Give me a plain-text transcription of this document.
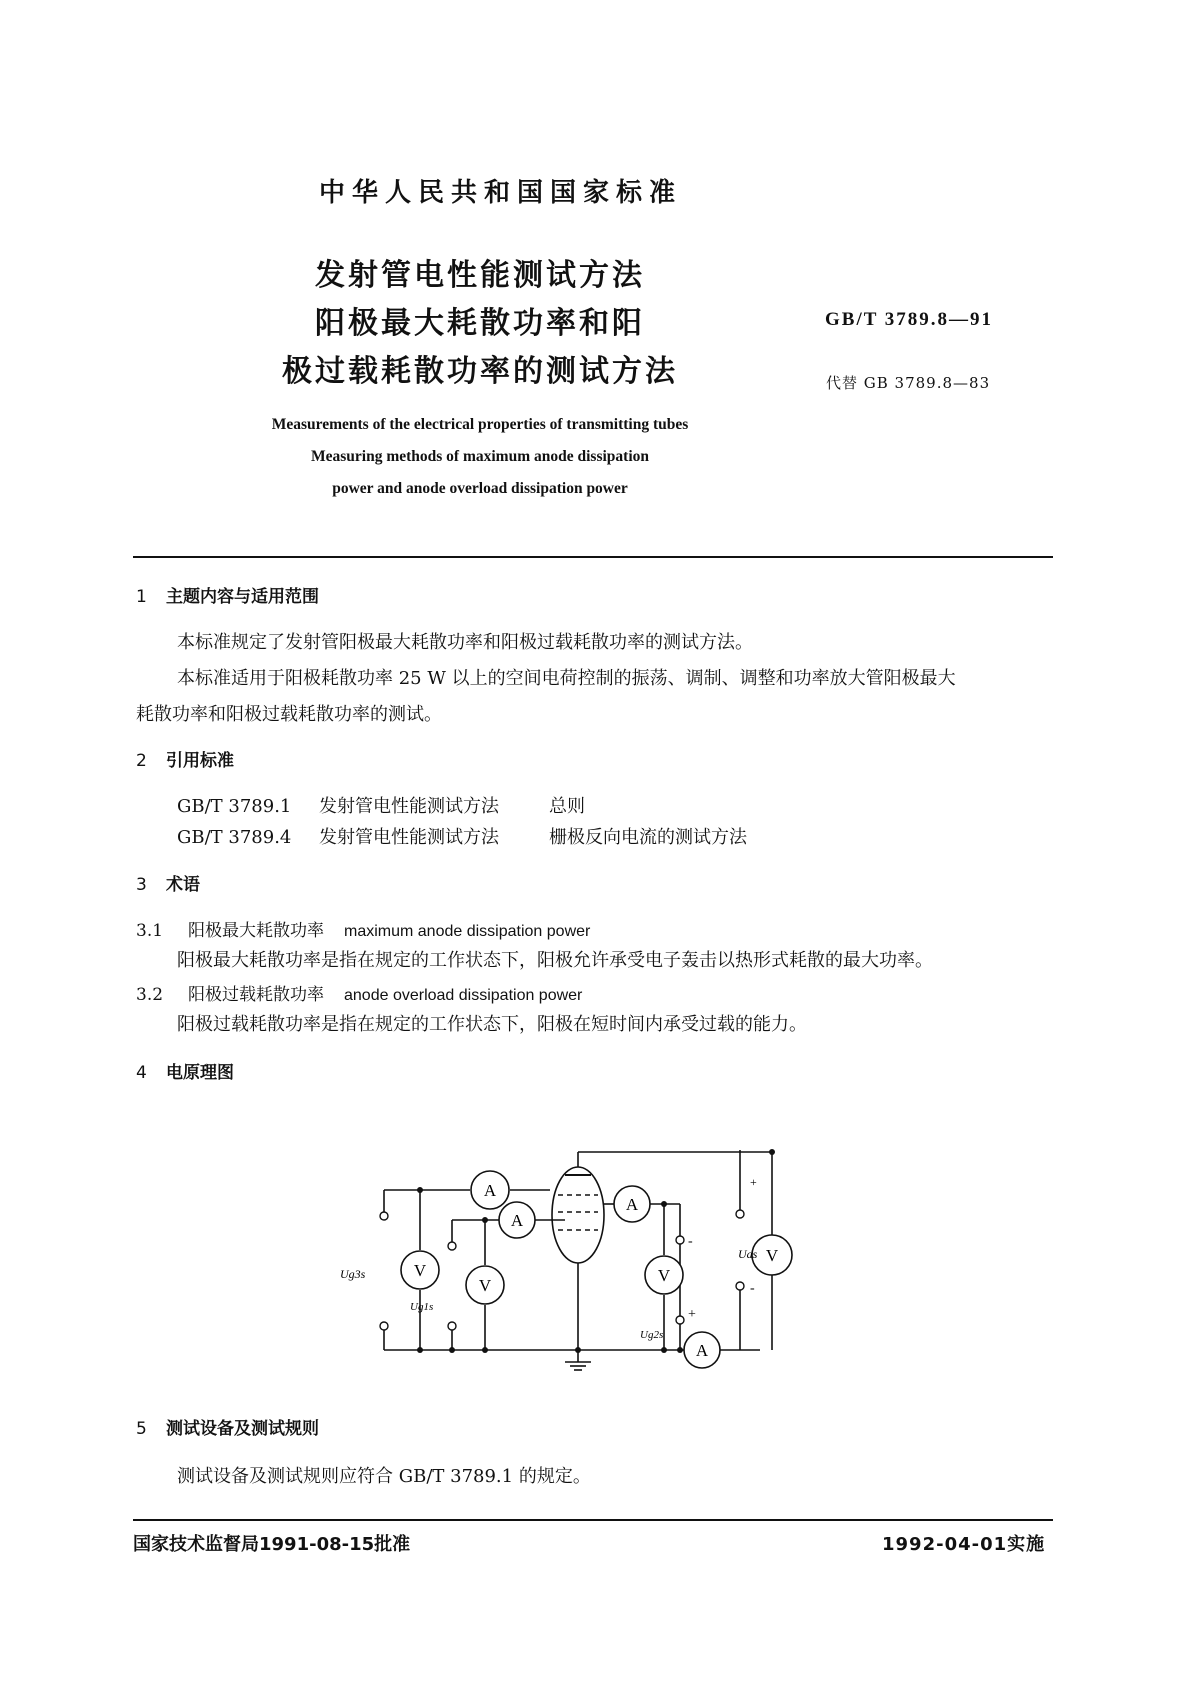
中华人民共和国国家标准
发射管电性能测试方法
阳极最大耗散功率和阳
极过载耗散功率的测试方法
GB/T 3789.8—91
代替 GB 3789.8—83
Measurements of the electrical properties of transmitting tubes
Measuring methods of maximum anode dissipation
power and anode overload dissipation power
1 主题内容与适用范围
本标准规定了发射管阳极最大耗散功率和阳极过载耗散功率的测试方法。
本标准适用于阳极耗散功率 25 W 以上的空间电荷控制的振荡、调制、调整和功率放大管阳极最大
耗散功率和阳极过载耗散功率的测试。
2 引用标准
GB/T 3789.1 发射管电性能测试方法	总则
GB/T 3789.4 发射管电性能测试方法	栅极反向电流的测试方法
3 术语
3.1 阳极最大耗散功率 maximum anode dissipation power
阳极最大耗散功率是指在规定的工作状态下，阳极允许承受电子轰击以热形式耗散的最大功率。
3.2 阳极过载耗散功率 anode overload dissipation power
阳极过载耗散功率是指在规定的工作状态下，阳极在短时间内承受过载的能力。
4 电原理图
A
A
A
A
V
V
V
V
Ug3s
Ug1s
Ug2s
Uas
+
-
-
+
5 测试设备及测试规则
测试设备及测试规则应符合 GB/T 3789.1 的规定。
国家技术监督局1991-08-15批准	1992-04-01实施
